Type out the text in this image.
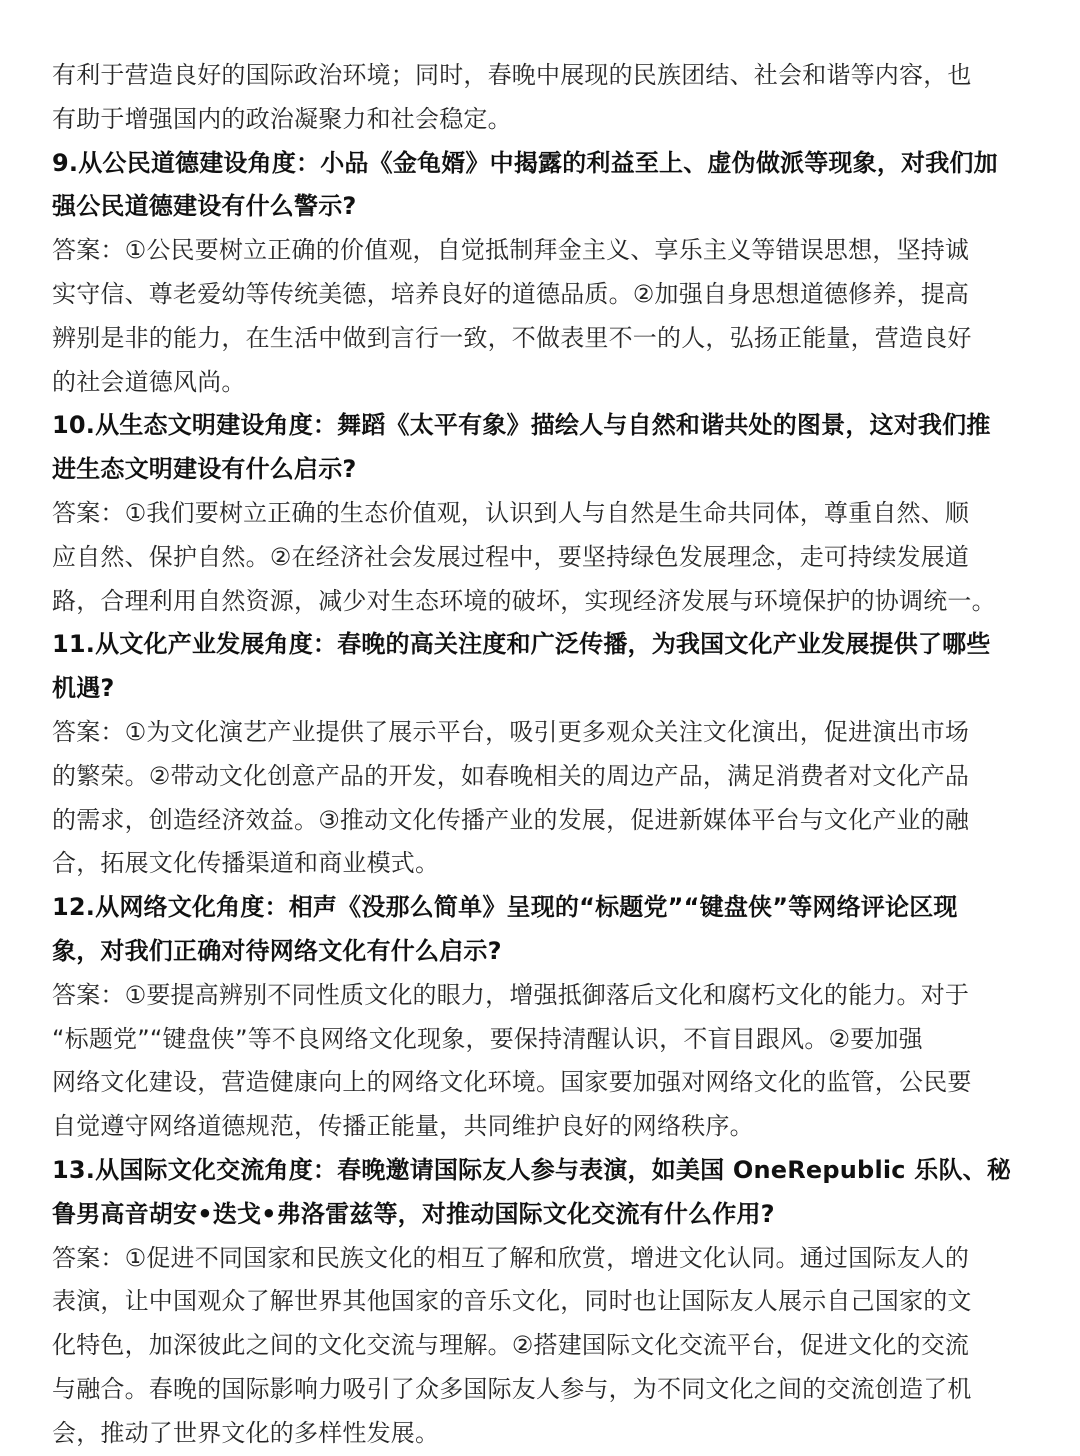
有利于营造良好的国际政治环境；同时，春晚中展现的民族团结、社会和谐等内容，也
有助于增强国内的政治凝聚力和社会稳定。
9.从公民道德建设角度：小品《金龟婿》中揭露的利益至上、虚伪做派等现象，对我们加
强公民道德建设有什么警示?
答案：①公民要树立正确的价值观，自觉抵制拜金主义、享乐主义等错误思想，坚持诚
实守信、尊老爱幼等传统美德，培养良好的道德品质。②加强自身思想道德修养，提高
辨别是非的能力，在生活中做到言行一致，不做表里不一的人，弘扬正能量，营造良好
的社会道德风尚。
10.从生态文明建设角度：舞蹈《太平有象》描绘人与自然和谐共处的图景，这对我们推
进生态文明建设有什么启示?
答案：①我们要树立正确的生态价值观，认识到人与自然是生命共同体，尊重自然、顺
应自然、保护自然。②在经济社会发展过程中，要坚持绿色发展理念，走可持续发展道
路，合理利用自然资源，减少对生态环境的破坏，实现经济发展与环境保护的协调统一。
11.从文化产业发展角度：春晚的高关注度和广泛传播，为我国文化产业发展提供了哪些
机遇?
答案：①为文化演艺产业提供了展示平台，吸引更多观众关注文化演出，促进演出市场
的繁荣。②带动文化创意产品的开发，如春晚相关的周边产品，满足消费者对文化产品
的需求，创造经济效益。③推动文化传播产业的发展，促进新媒体平台与文化产业的融
合，拓展文化传播渠道和商业模式。
12.从网络文化角度：相声《没那么简单》呈现的“标题党”“键盘侠”等网络评论区现
象，对我们正确对待网络文化有什么启示?
答案：①要提高辨别不同性质文化的眼力，增强抵御落后文化和腐朽文化的能力。对于
“标题党”“键盘侠”等不良网络文化现象，要保持清醒认识，不盲目跟风。②要加强
网络文化建设，营造健康向上的网络文化环境。国家要加强对网络文化的监管，公民要
自觉遵守网络道德规范，传播正能量，共同维护良好的网络秩序。
13.从国际文化交流角度：春晚邀请国际友人参与表演，如美国 OneRepublic 乐队、秘
鲁男高音胡安•迭戈•弗洛雷兹等，对推动国际文化交流有什么作用?
答案：①促进不同国家和民族文化的相互了解和欣赏，增进文化认同。通过国际友人的
表演，让中国观众了解世界其他国家的音乐文化，同时也让国际友人展示自己国家的文
化特色，加深彼此之间的文化交流与理解。②搭建国际文化交流平台，促进文化的交流
与融合。春晚的国际影响力吸引了众多国际友人参与，为不同文化之间的交流创造了机
会，推动了世界文化的多样性发展。
